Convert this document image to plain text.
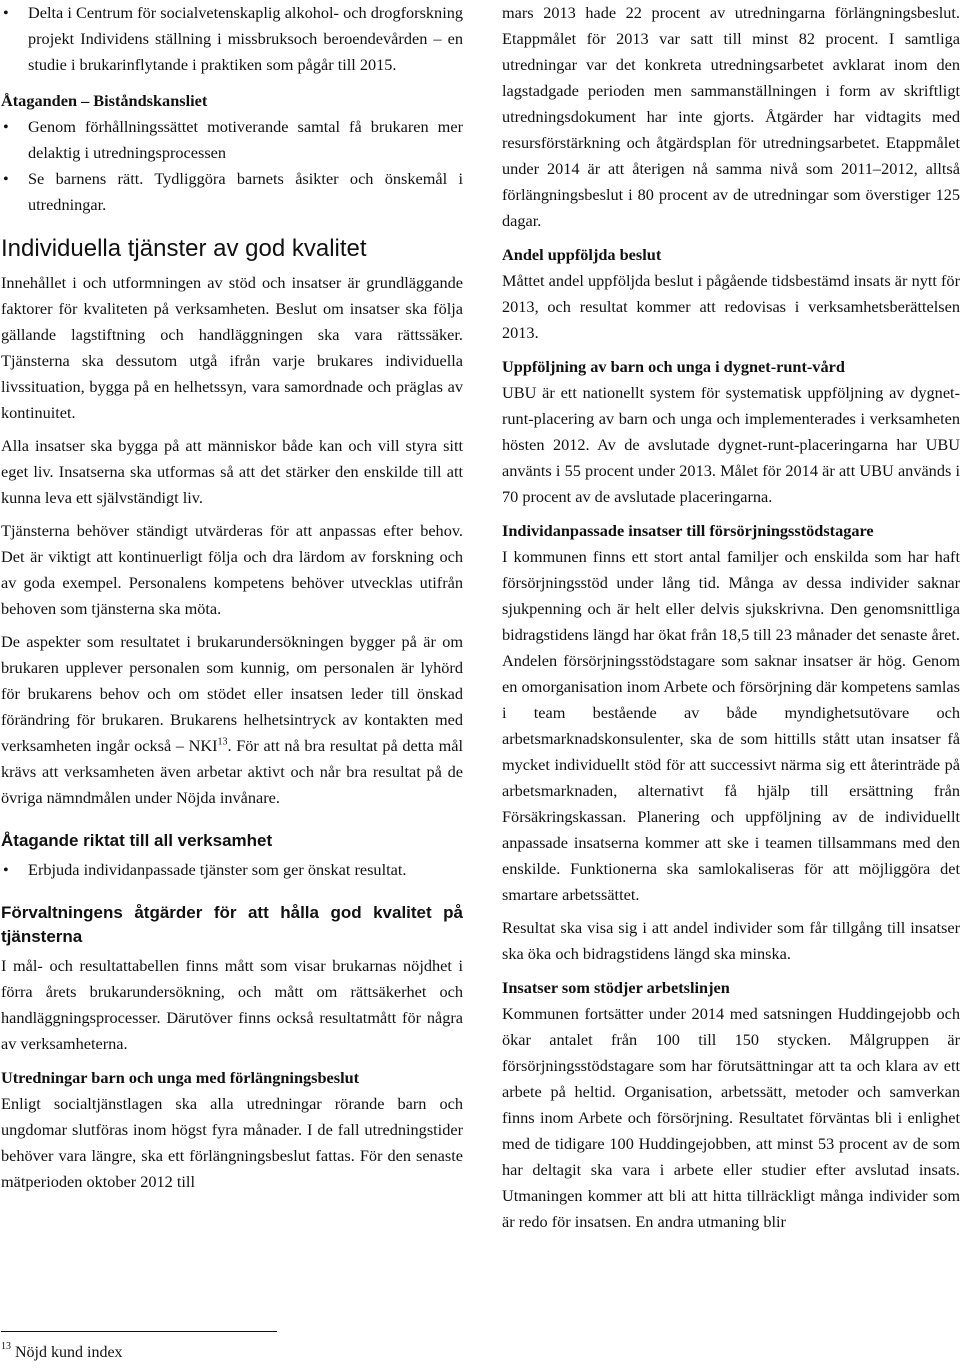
• Delta i Centrum för socialvetenskaplig alkohol- och drogforskning projekt Individens ställning i missbruksoch beroendevården – en studie i brukarinflytande i praktiken som pågår till 2015.

Åtaganden – Biståndskansliet

• Genom förhållningssättet motiverande samtal få brukaren mer delaktig i utredningsprocessen

• Se barnens rätt. Tydliggöra barnets åsikter och önskemål i utredningar.

Individuella tjänster av god kvalitet

Innehållet i och utformningen av stöd och insatser är grundläggande faktorer för kvaliteten på verksamheten. Beslut om insatser ska följa gällande lagstiftning och handläggningen ska vara rättssäker. Tjänsterna ska dessutom utgå ifrån varje brukares individuella livssituation, bygga på en helhetssyn, vara samordnade och präglas av kontinuitet.

Alla insatser ska bygga på att människor både kan och vill styra sitt eget liv. Insatserna ska utformas så att det stärker den enskilde till att kunna leva ett självständigt liv.

Tjänsterna behöver ständigt utvärderas för att anpassas efter behov. Det är viktigt att kontinuerligt följa och dra lärdom av forskning och av goda exempel. Personalens kompetens behöver utvecklas utifrån behoven som tjänsterna ska möta.

De aspekter som resultatet i brukarundersökningen bygger på är om brukaren upplever personalen som kunnig, om personalen är lyhörd för brukarens behov och om stödet eller insatsen leder till önskad förändring för brukaren. Brukarens helhetsintryck av kontakten med verksamheten ingår också – NKI$^{13}$. För att nå bra resultat på detta mål krävs att verksamheten även arbetar aktivt och når bra resultat på de övriga nämndmålen under Nöjda invånare.

Åtagande riktat till all verksamhet

• Erbjuda individanpassade tjänster som ger önskat resultat.

Förvaltningens åtgärder för att hålla god kvalitet på tjänsterna

I mål- och resultattabellen finns mått som visar brukarnas nöjdhet i förra årets brukarundersökning, och mått om rättsäkerhet och handläggningsprocesser. Därutöver finns också resultatmått för några av verksamheterna.

Utredningar barn och unga med förlängningsbeslut

Enligt socialtjänstlagen ska alla utredningar rörande barn och ungdomar slutföras inom högst fyra månader. I de fall utredningstider behöver vara längre, ska ett förlängningsbeslut fattas. För den senaste mätperioden oktober 2012 till

$^{13}$ Nöjd kund index

mars 2013 hade 22 procent av utredningarna förlängningsbeslut. Etappmålet för 2013 var satt till minst 82 procent. I samtliga utredningar var det konkreta utredningsarbetet avklarat inom den lagstadgade perioden men sammanställningen i form av skriftligt utredningsdokument har inte gjorts. Åtgärder har vidtagits med resursförstärkning och åtgärdsplan för utredningsarbetet. Etappmålet under 2014 är att återigen nå samma nivå som 2011–2012, alltså förlängningsbeslut i 80 procent av de utredningar som överstiger 125 dagar.

Andel uppföljda beslut

Måttet andel uppföljda beslut i pågående tidsbestämd insats är nytt för 2013, och resultat kommer att redovisas i verksamhetsberättelsen 2013.

Uppföljning av barn och unga i dygnet-runt-vård

UBU är ett nationellt system för systematisk uppföljning av dygnet-runt-placering av barn och unga och implementerades i verksamheten hösten 2012. Av de avslutade dygnet-runt-placeringarna har UBU använts i 55 procent under 2013. Målet för 2014 är att UBU används i 70 procent av de avslutade placeringarna.

Individanpassade insatser till försörjningsstödstagare

I kommunen finns ett stort antal familjer och enskilda som har haft försörjningsstöd under lång tid. Många av dessa individer saknar sjukpenning och är helt eller delvis sjukskrivna. Den genomsnittliga bidragstidens längd har ökat från 18,5 till 23 månader det senaste året. Andelen försörjningsstödstagare som saknar insatser är hög. Genom en omorganisation inom Arbete och försörjning där kompetens samlas i team bestående av både myndighetsutövare och arbetsmarknadskonsulenter, ska de som hittills stått utan insatser få mycket individuellt stöd för att successivt närma sig ett återinträde på arbetsmarknaden, alternativt få hjälp till ersättning från Försäkringskassan. Planering och uppföljning av de individuellt anpassade insatserna kommer att ske i teamen tillsammans med den enskilde. Funktionerna ska samlokaliseras för att möjliggöra det smartare arbetssättet.

Resultat ska visa sig i att andel individer som får tillgång till insatser ska öka och bidragstidens längd ska minska.

Insatser som stödjer arbetslinjen

Kommunen fortsätter under 2014 med satsningen Huddingejobb och ökar antalet från 100 till 150 stycken. Målgruppen är försörjningsstödstagare som har förutsättningar att ta och klara av ett arbete på heltid. Organisation, arbetssätt, metoder och samverkan finns inom Arbete och försörjning. Resultatet förväntas bli i enlighet med de tidigare 100 Huddingejobben, att minst 53 procent av de som har deltagit ska vara i arbete eller studier efter avslutad insats. Utmaningen kommer att bli att hitta tillräckligt många individer som är redo för insatsen. En andra utmaning blir
